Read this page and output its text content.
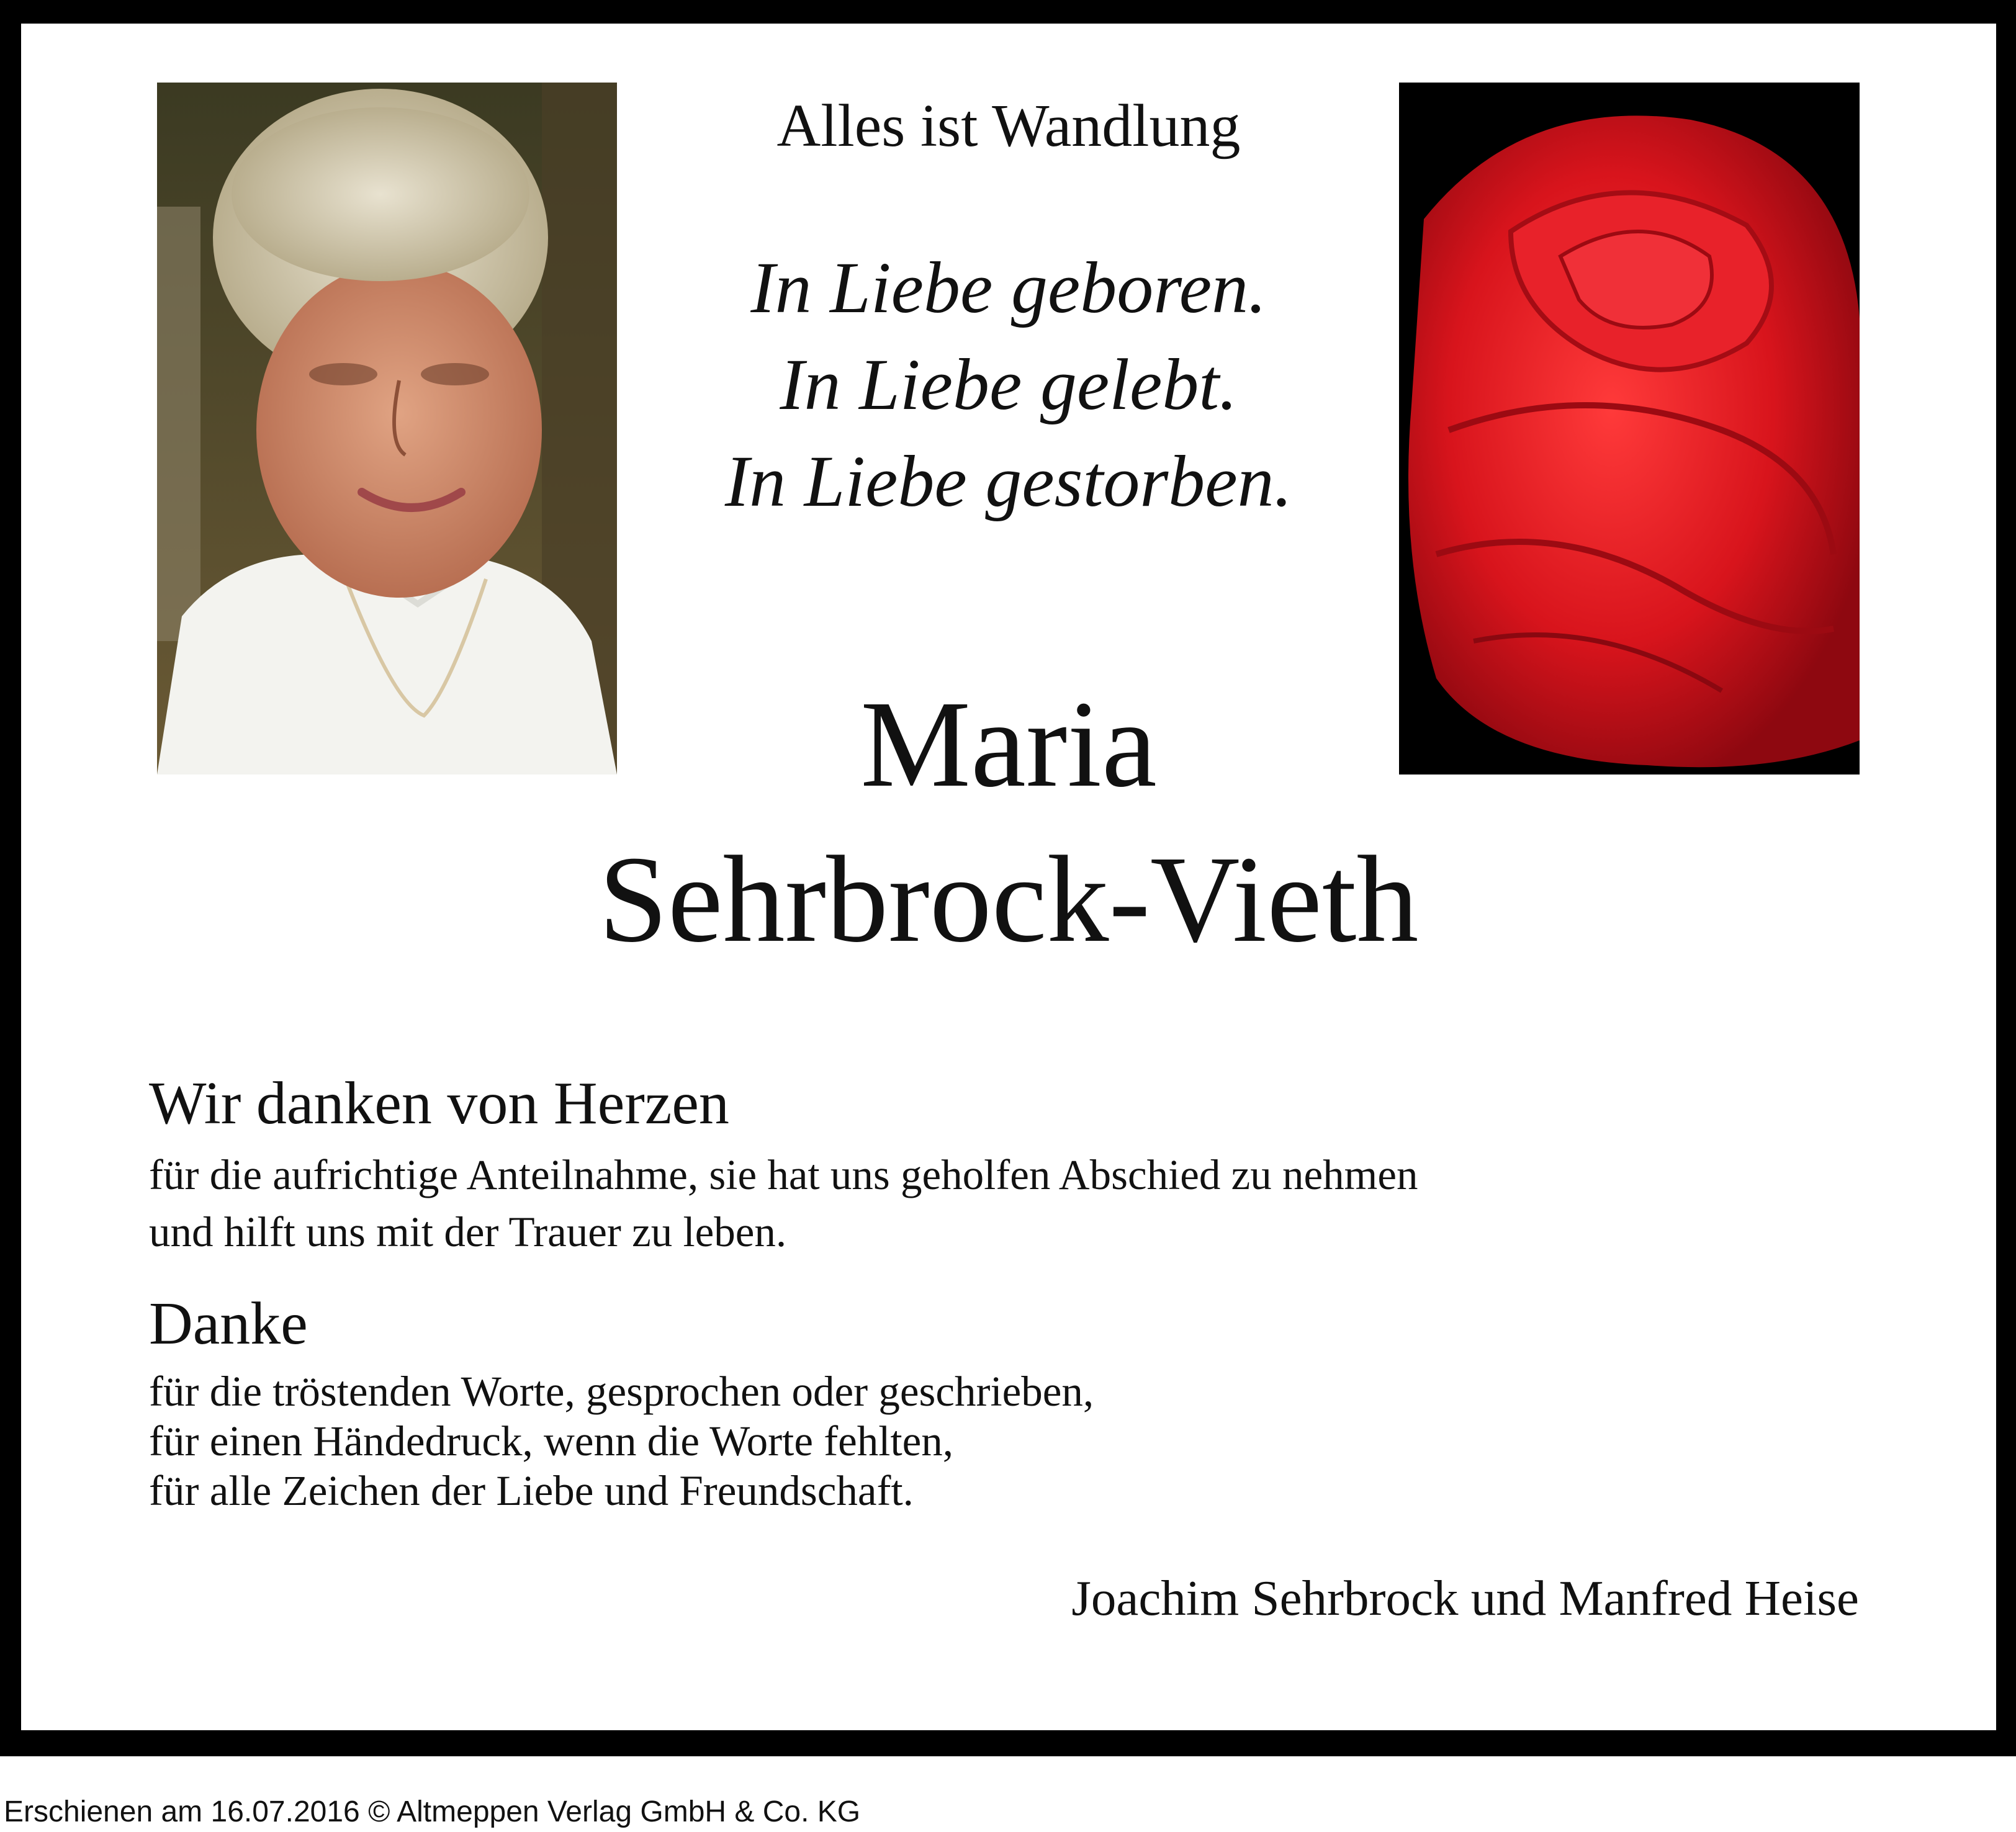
Alles ist Wandlung
In Liebe geboren.
In Liebe gelebt.
In Liebe gestorben.
Maria
Sehrbrock-Vieth
Wir danken von Herzen
für die aufrichtige Anteilnahme, sie hat uns geholfen Abschied zu nehmen
und hilft uns mit der Trauer zu leben.
Danke
für die tröstenden Worte, gesprochen oder geschrieben,
für einen Händedruck, wenn die Worte fehlten,
für alle Zeichen der Liebe und Freundschaft.
Joachim Sehrbrock und Manfred Heise
Erschienen am 16.07.2016 © Altmeppen Verlag GmbH & Co. KG
